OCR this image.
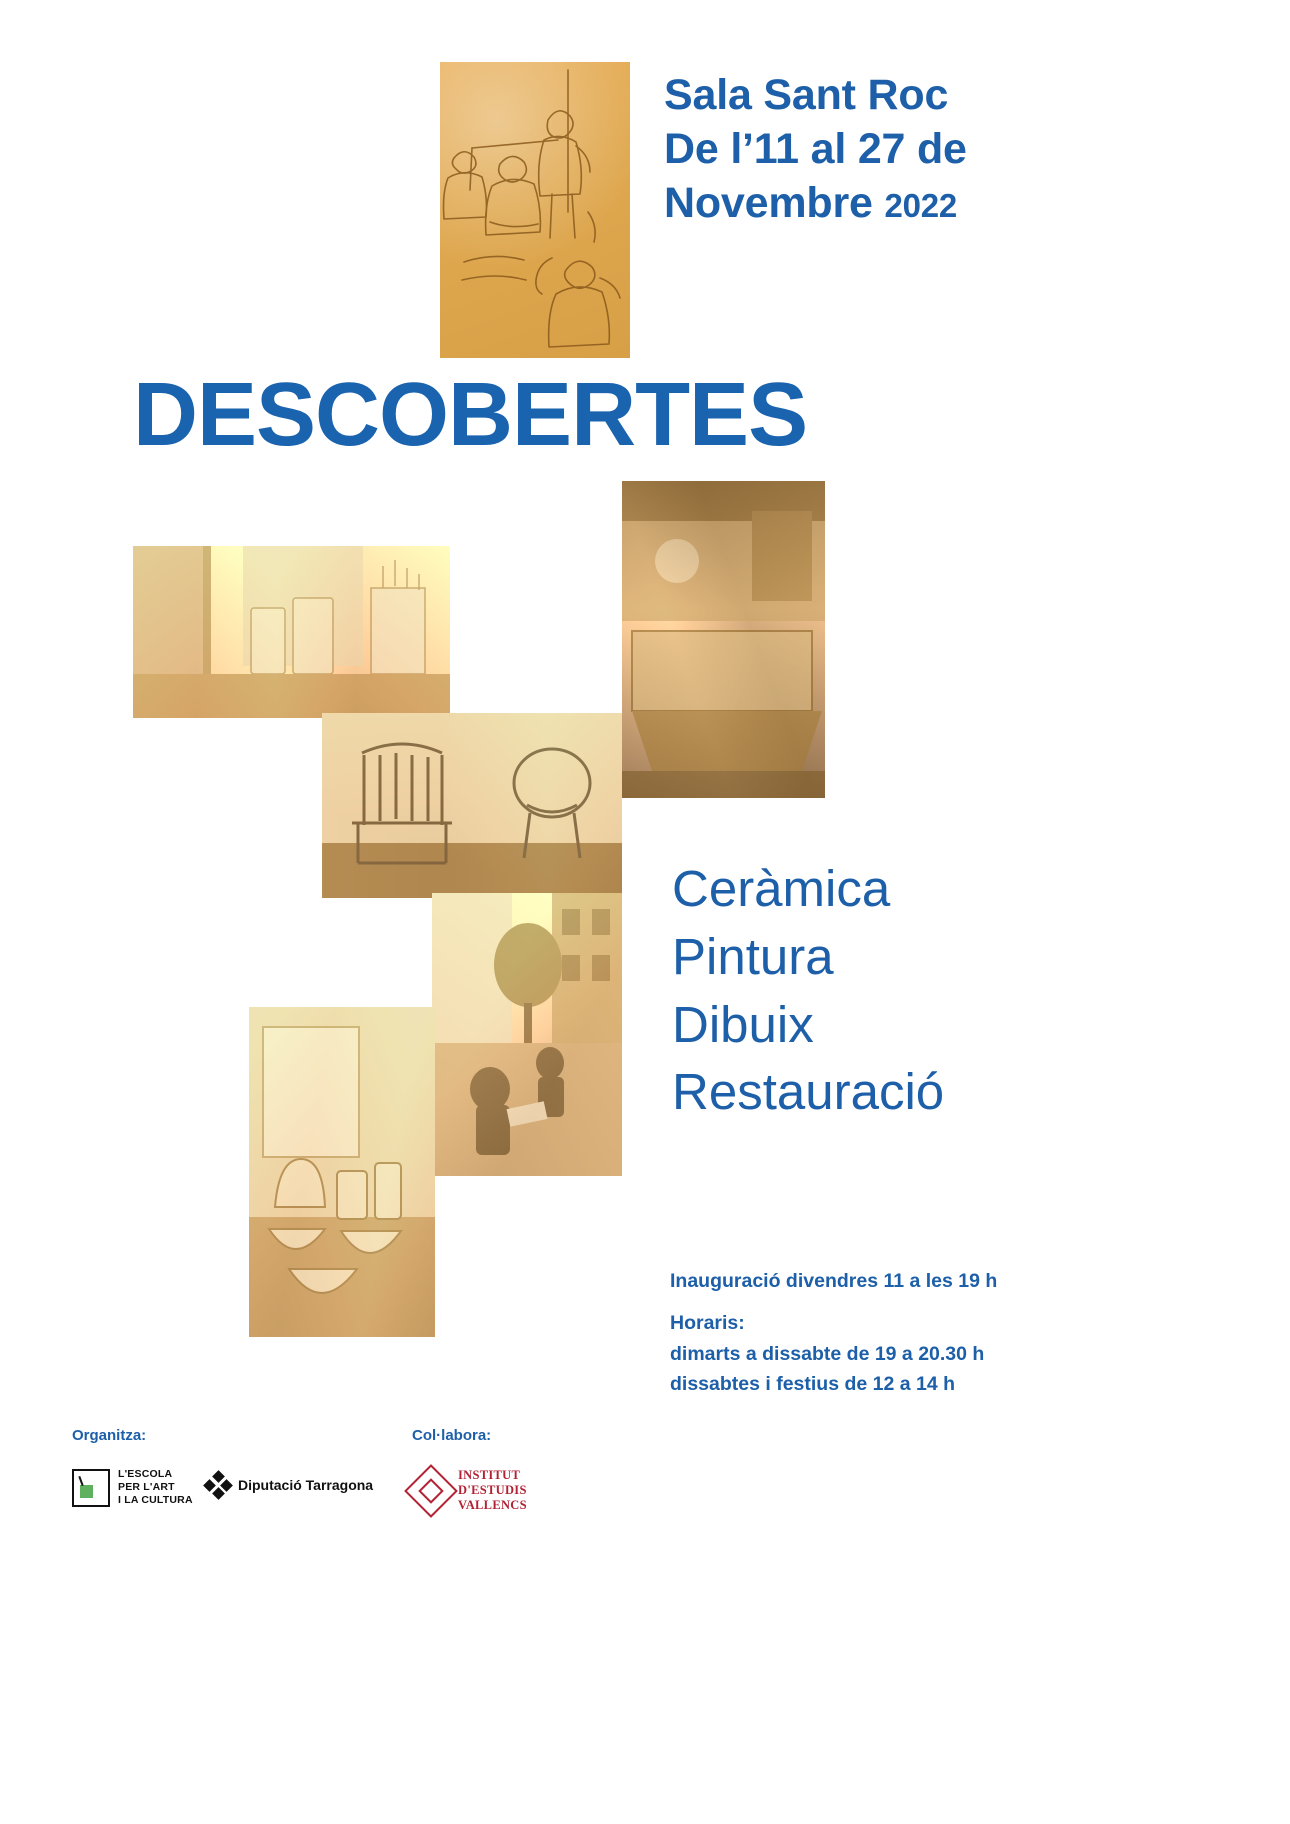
Sala Sant Roc
De l’11 al 27 de
Novembre 2022
DESCOBERTES
Ceràmica
Pintura
Dibuix
Restauració
Inauguració divendres 11 a les 19 h
Horaris:
dimarts a dissabte de 19 a 20.30 h
dissabtes i festius de 12 a 14 h
Organitza:	Col·labora:
L'ESCOLA
PER L'ART
I LA CULTURA
Diputació Tarragona
INSTITUT
D'ESTUDIS
VALLENCS
